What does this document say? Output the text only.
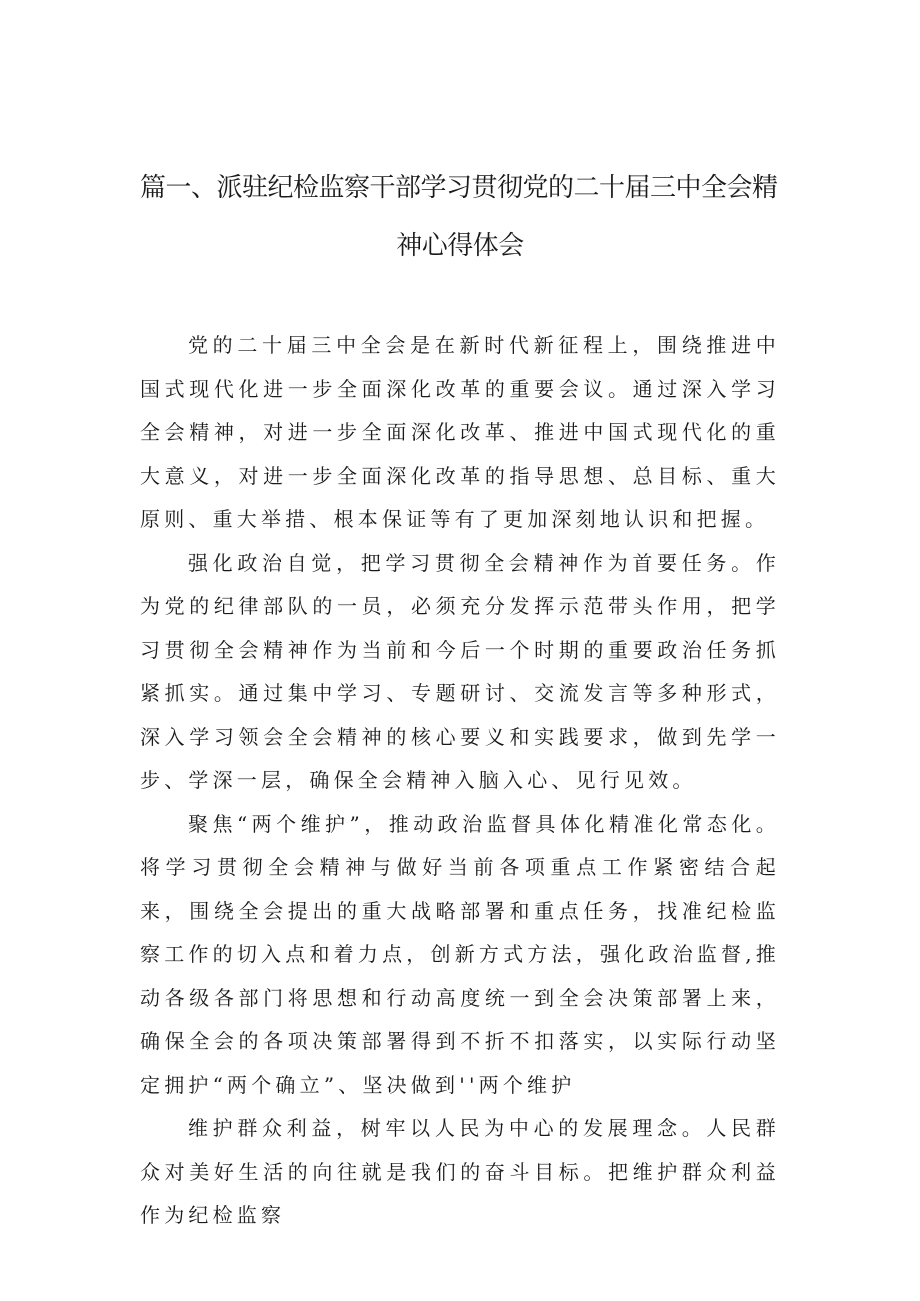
篇一、派驻纪检监察干部学习贯彻党的二十届三中全会精
神心得体会

党的二十届三中全会是在新时代新征程上，围绕推进中国式现代化进一步全面深化改革的重要会议。通过深入学习全会精神，对进一步全面深化改革、推进中国式现代化的重大意义，对进一步全面深化改革的指导思想、总目标、重大原则、重大举措、根本保证等有了更加深刻地认识和把握。

强化政治自觉，把学习贯彻全会精神作为首要任务。作为党的纪律部队的一员，必须充分发挥示范带头作用，把学习贯彻全会精神作为当前和今后一个时期的重要政治任务抓紧抓实。通过集中学习、专题研讨、交流发言等多种形式，深入学习领会全会精神的核心要义和实践要求，做到先学一步、学深一层，确保全会精神入脑入心、见行见效。

聚焦“两个维护”，推动政治监督具体化精准化常态化。将学习贯彻全会精神与做好当前各项重点工作紧密结合起来，围绕全会提出的重大战略部署和重点任务，找准纪检监察工作的切入点和着力点，创新方式方法，强化政治监督,推动各级各部门将思想和行动高度统一到全会决策部署上来，确保全会的各项决策部署得到不折不扣落实，以实际行动坚定拥护“两个确立”、坚决做到''两个维护

维护群众利益，树牢以人民为中心的发展理念。人民群众对美好生活的向往就是我们的奋斗目标。把维护群众利益作为纪检监察
